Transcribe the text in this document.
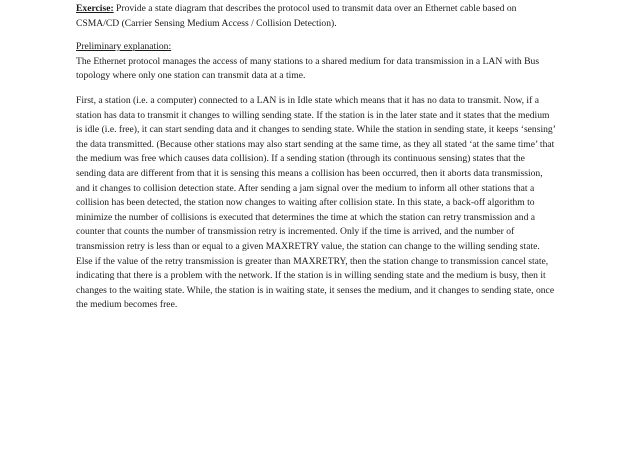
Exercise: Provide a state diagram that describes the protocol used to transmit data over an Ethernet cable based on CSMA/CD (Carrier Sensing Medium Access / Collision Detection).

Preliminary explanation:

The Ethernet protocol manages the access of many stations to a shared medium for data transmission in a LAN with Bus topology where only one station can transmit data at a time.

First, a station (i.e. a computer) connected to a LAN is in Idle state which means that it has no data to transmit. Now, if a station has data to transmit it changes to willing sending state. If the station is in the later state and it states that the medium is idle (i.e. free), it can start sending data and it changes to sending state. While the station in sending state, it keeps ‘sensing’ the data transmitted. (Because other stations may also start sending at the same time, as they all stated ‘at the same time’ that the medium was free which causes data collision). If a sending station (through its continuous sensing) states that the sending data are different from that it is sensing this means a collision has been occurred, then it aborts data transmission, and it changes to collision detection state. After sending a jam signal over the medium to inform all other stations that a collision has been detected, the station now changes to waiting after collision state. In this state, a back-off algorithm to minimize the number of collisions is executed that determines the time at which the station can retry transmission and a counter that counts the number of transmission retry is incremented. Only if the time is arrived, and the number of transmission retry is less than or equal to a given MAXRETRY value, the station can change to the willing sending state. Else if the value of the retry transmission is greater than MAXRETRY, then the station change to transmission cancel state, indicating that there is a problem with the network. If the station is in willing sending state and the medium is busy, then it changes to the waiting state. While, the station is in waiting state, it senses the medium, and it changes to sending state, once the medium becomes free.
